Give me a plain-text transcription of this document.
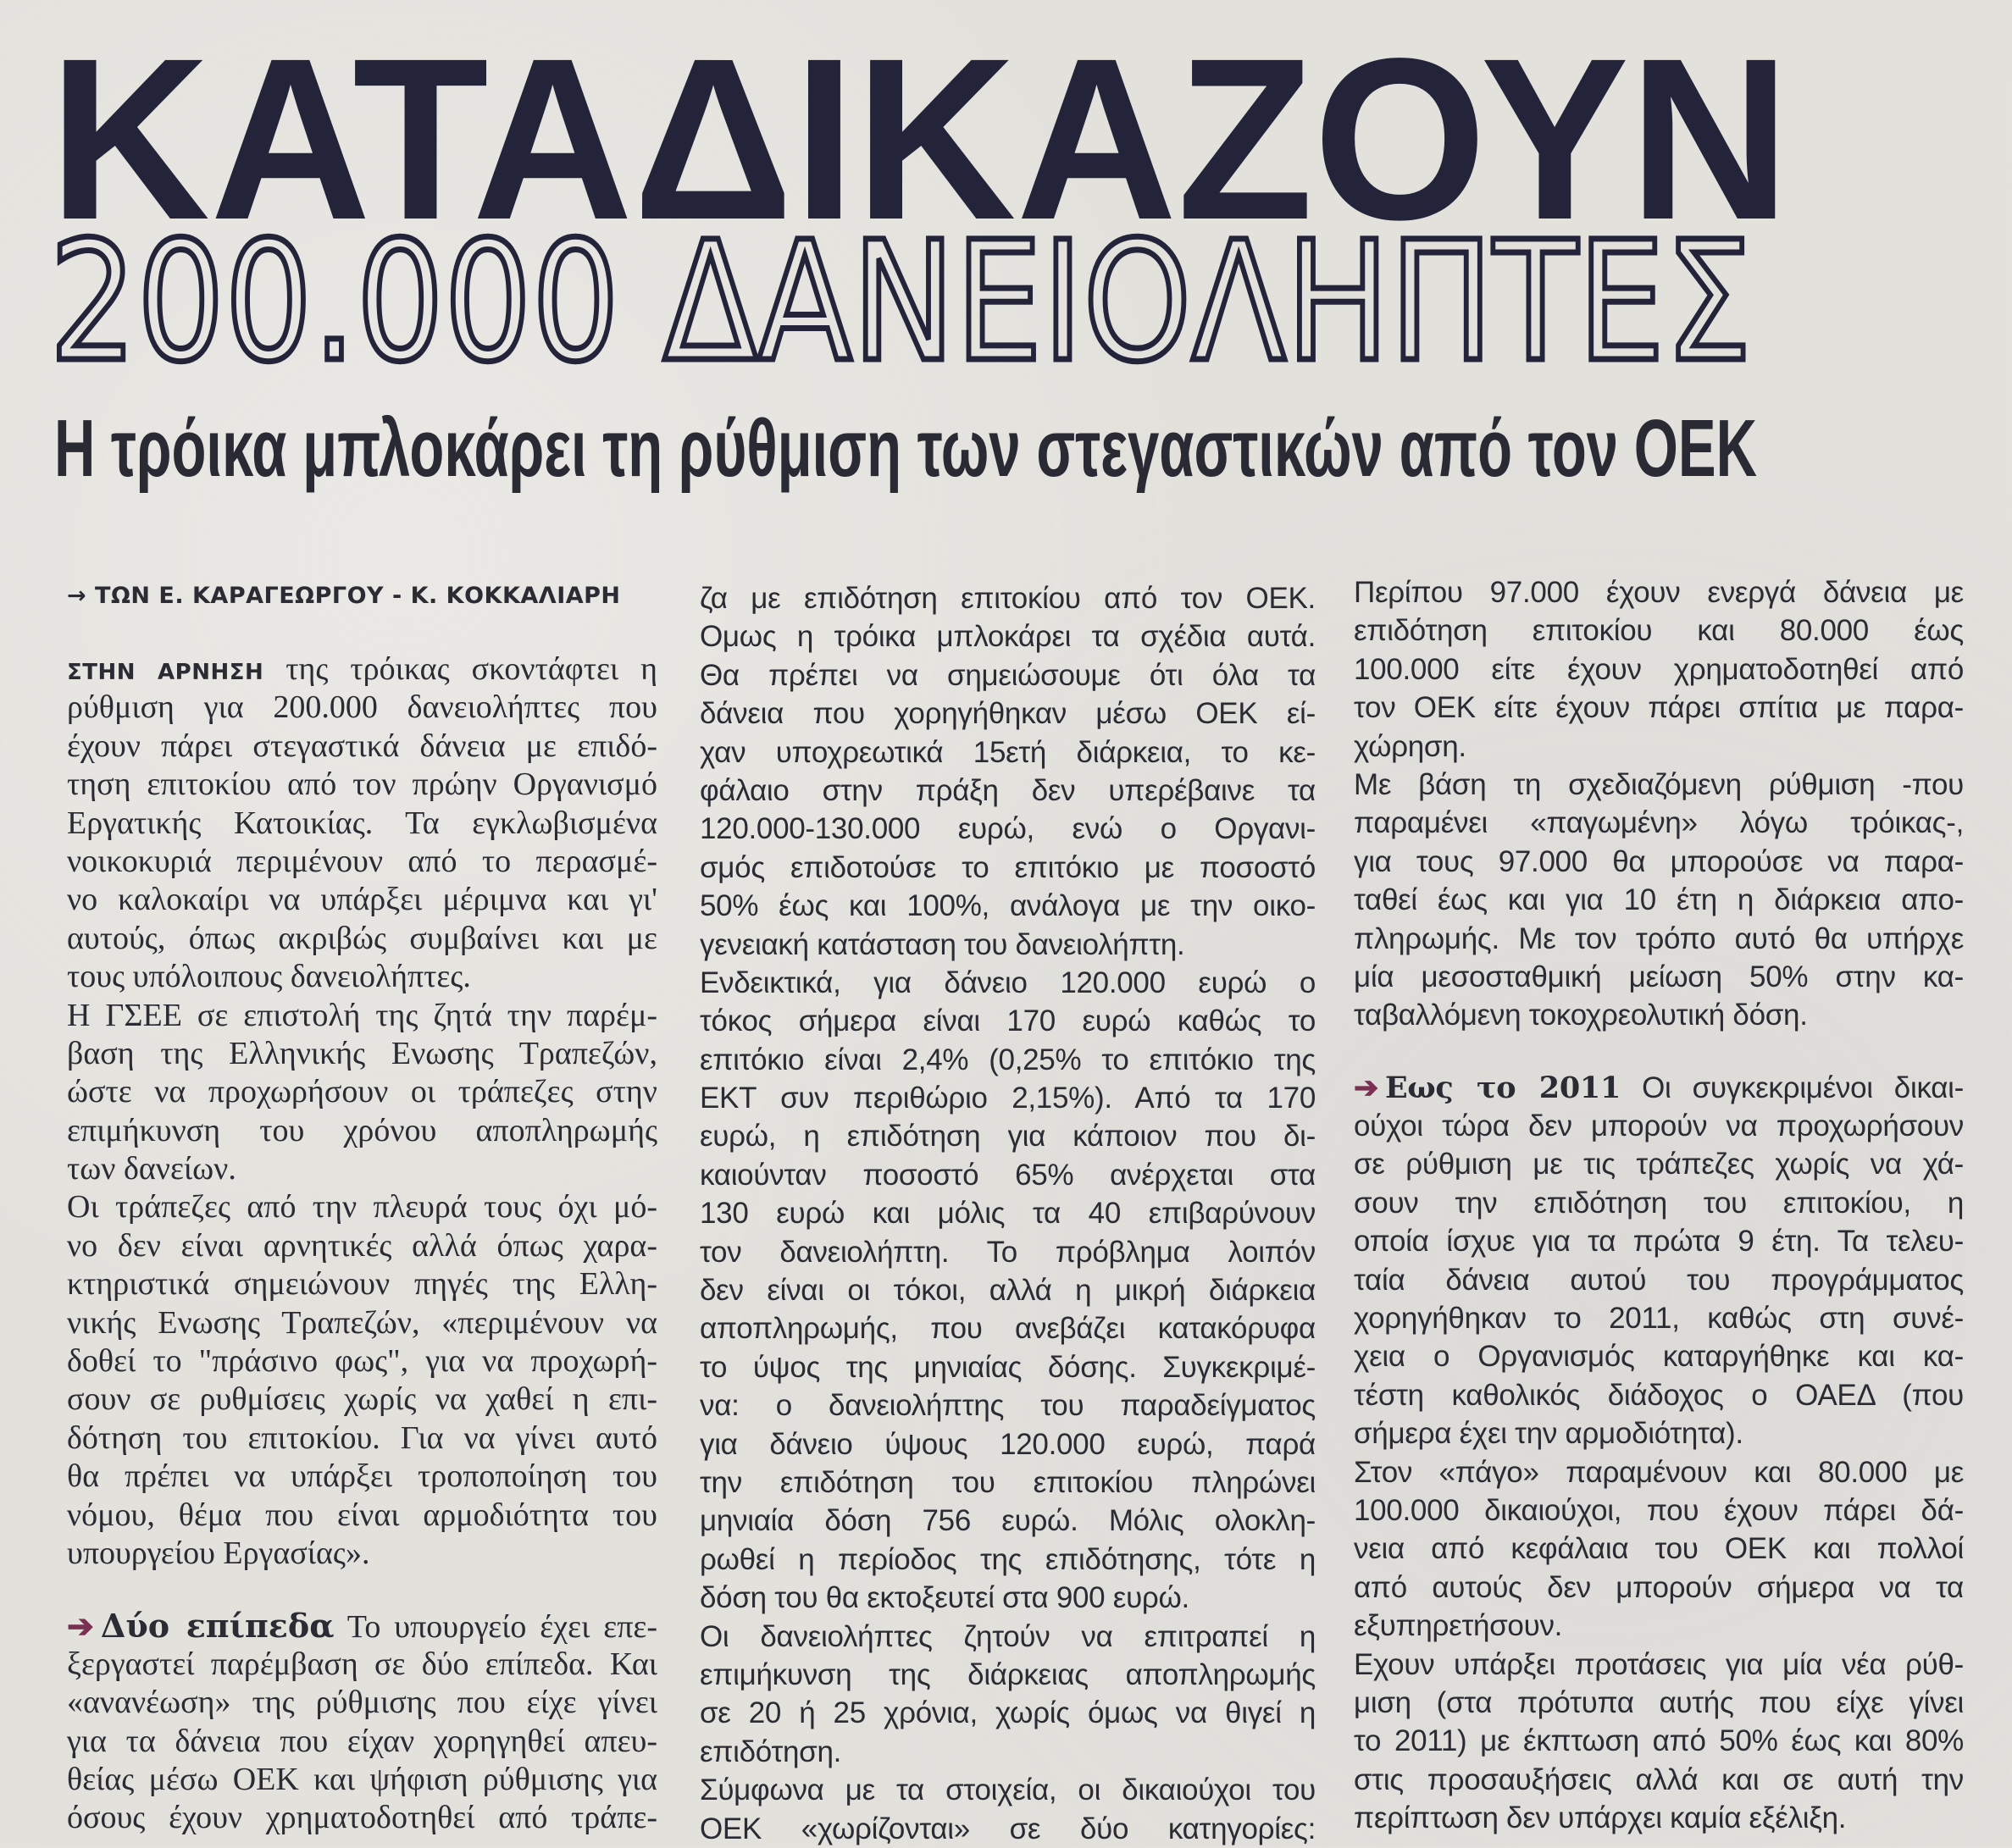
ΚΑΤΑΔΙΚΑΖΟΥΝ
200.000 ΔΑΝΕΙΟΛΗΠΤΕΣ
Η τρόικα μπλοκάρει τη ρύθμιση των στεγαστικών από τον ΟΕΚ
→ ΤΩΝ Ε. ΚΑΡΑΓΕΩΡΓΟΥ - Κ. ΚΟΚΚΑΛΙΑΡΗ
ΣΤΗΝ ΑΡΝΗΣΗ της τρόικας σκοντάφτει η
ρύθμιση για 200.000 δανειολήπτες που
έχουν πάρει στεγαστικά δάνεια με επιδό-
τηση επιτοκίου από τον πρώην Οργανισμό
Εργατικής Κατοικίας. Τα εγκλωβισμένα
νοικοκυριά περιμένουν από το περασμέ-
νο καλοκαίρι να υπάρξει μέριμνα και γι'
αυτούς, όπως ακριβώς συμβαίνει και με
τους υπόλοιπους δανειολήπτες.
Η ΓΣΕΕ σε επιστολή της ζητά την παρέμ-
βαση της Ελληνικής Ενωσης Τραπεζών,
ώστε να προχωρήσουν οι τράπεζες στην
επιμήκυνση του χρόνου αποπληρωμής
των δανείων.
Οι τράπεζες από την πλευρά τους όχι μό-
νο δεν είναι αρνητικές αλλά όπως χαρα-
κτηριστικά σημειώνουν πηγές της Ελλη-
νικής Ενωσης Τραπεζών, «περιμένουν να
δοθεί το "πράσινο φως", για να προχωρή-
σουν σε ρυθμίσεις χωρίς να χαθεί η επι-
δότηση του επιτοκίου. Για να γίνει αυτό
θα πρέπει να υπάρξει τροποποίηση του
νόμου, θέμα που είναι αρμοδιότητα του
υπουργείου Εργασίας».
➔ Δύο επίπεδα Το υπουργείο έχει επε-
ξεργαστεί παρέμβαση σε δύο επίπεδα. Και
«ανανέωση» της ρύθμισης που είχε γίνει
για τα δάνεια που είχαν χορηγηθεί απευ-
θείας μέσω ΟΕΚ και ψήφιση ρύθμισης για
όσους έχουν χρηματοδοτηθεί από τράπε-
ζα με επιδότηση επιτοκίου από τον ΟΕΚ.
Ομως η τρόικα μπλοκάρει τα σχέδια αυτά.
Θα πρέπει να σημειώσουμε ότι όλα τα
δάνεια που χορηγήθηκαν μέσω ΟΕΚ εί-
χαν υποχρεωτικά 15ετή διάρκεια, το κε-
φάλαιο στην πράξη δεν υπερέβαινε τα
120.000-130.000 ευρώ, ενώ ο Οργανι-
σμός επιδοτούσε το επιτόκιο με ποσοστό
50% έως και 100%, ανάλογα με την οικο-
γενειακή κατάσταση του δανειολήπτη.
Ενδεικτικά, για δάνειο 120.000 ευρώ ο
τόκος σήμερα είναι 170 ευρώ καθώς το
επιτόκιο είναι 2,4% (0,25% το επιτόκιο της
ΕΚΤ συν περιθώριο 2,15%). Από τα 170
ευρώ, η επιδότηση για κάποιον που δι-
καιούνταν ποσοστό 65% ανέρχεται στα
130 ευρώ και μόλις τα 40 επιβαρύνουν
τον δανειολήπτη. Το πρόβλημα λοιπόν
δεν είναι οι τόκοι, αλλά η μικρή διάρκεια
αποπληρωμής, που ανεβάζει κατακόρυφα
το ύψος της μηνιαίας δόσης. Συγκεκριμέ-
να: ο δανειολήπτης του παραδείγματος
για δάνειο ύψους 120.000 ευρώ, παρά
την επιδότηση του επιτοκίου πληρώνει
μηνιαία δόση 756 ευρώ. Μόλις ολοκλη-
ρωθεί η περίοδος της επιδότησης, τότε η
δόση του θα εκτοξευτεί στα 900 ευρώ.
Οι δανειολήπτες ζητούν να επιτραπεί η
επιμήκυνση της διάρκειας αποπληρωμής
σε 20 ή 25 χρόνια, χωρίς όμως να θιγεί η
επιδότηση.
Σύμφωνα με τα στοιχεία, οι δικαιούχοι του
ΟΕΚ «χωρίζονται» σε δύο κατηγορίες:
Περίπου 97.000 έχουν ενεργά δάνεια με
επιδότηση επιτοκίου και 80.000 έως
100.000 είτε έχουν χρηματοδοτηθεί από
τον ΟΕΚ είτε έχουν πάρει σπίτια με παρα-
χώρηση.
Με βάση τη σχεδιαζόμενη ρύθμιση -που
παραμένει «παγωμένη» λόγω τρόικας-,
για τους 97.000 θα μπορούσε να παρα-
ταθεί έως και για 10 έτη η διάρκεια απο-
πληρωμής. Με τον τρόπο αυτό θα υπήρχε
μία μεσοσταθμική μείωση 50% στην κα-
ταβαλλόμενη τοκοχρεολυτική δόση.
➔ Εως το 2011 Οι συγκεκριμένοι δικαι-
ούχοι τώρα δεν μπορούν να προχωρήσουν
σε ρύθμιση με τις τράπεζες χωρίς να χά-
σουν την επιδότηση του επιτοκίου, η
οποία ίσχυε για τα πρώτα 9 έτη. Τα τελευ-
ταία δάνεια αυτού του προγράμματος
χορηγήθηκαν το 2011, καθώς στη συνέ-
χεια ο Οργανισμός καταργήθηκε και κα-
τέστη καθολικός διάδοχος ο ΟΑΕΔ (που
σήμερα έχει την αρμοδιότητα).
Στον «πάγο» παραμένουν και 80.000 με
100.000 δικαιούχοι, που έχουν πάρει δά-
νεια από κεφάλαια του ΟΕΚ και πολλοί
από αυτούς δεν μπορούν σήμερα να τα
εξυπηρετήσουν.
Εχουν υπάρξει προτάσεις για μία νέα ρύθ-
μιση (στα πρότυπα αυτής που είχε γίνει
το 2011) με έκπτωση από 50% έως και 80%
στις προσαυξήσεις αλλά και σε αυτή την
περίπτωση δεν υπάρχει καμία εξέλιξη.
